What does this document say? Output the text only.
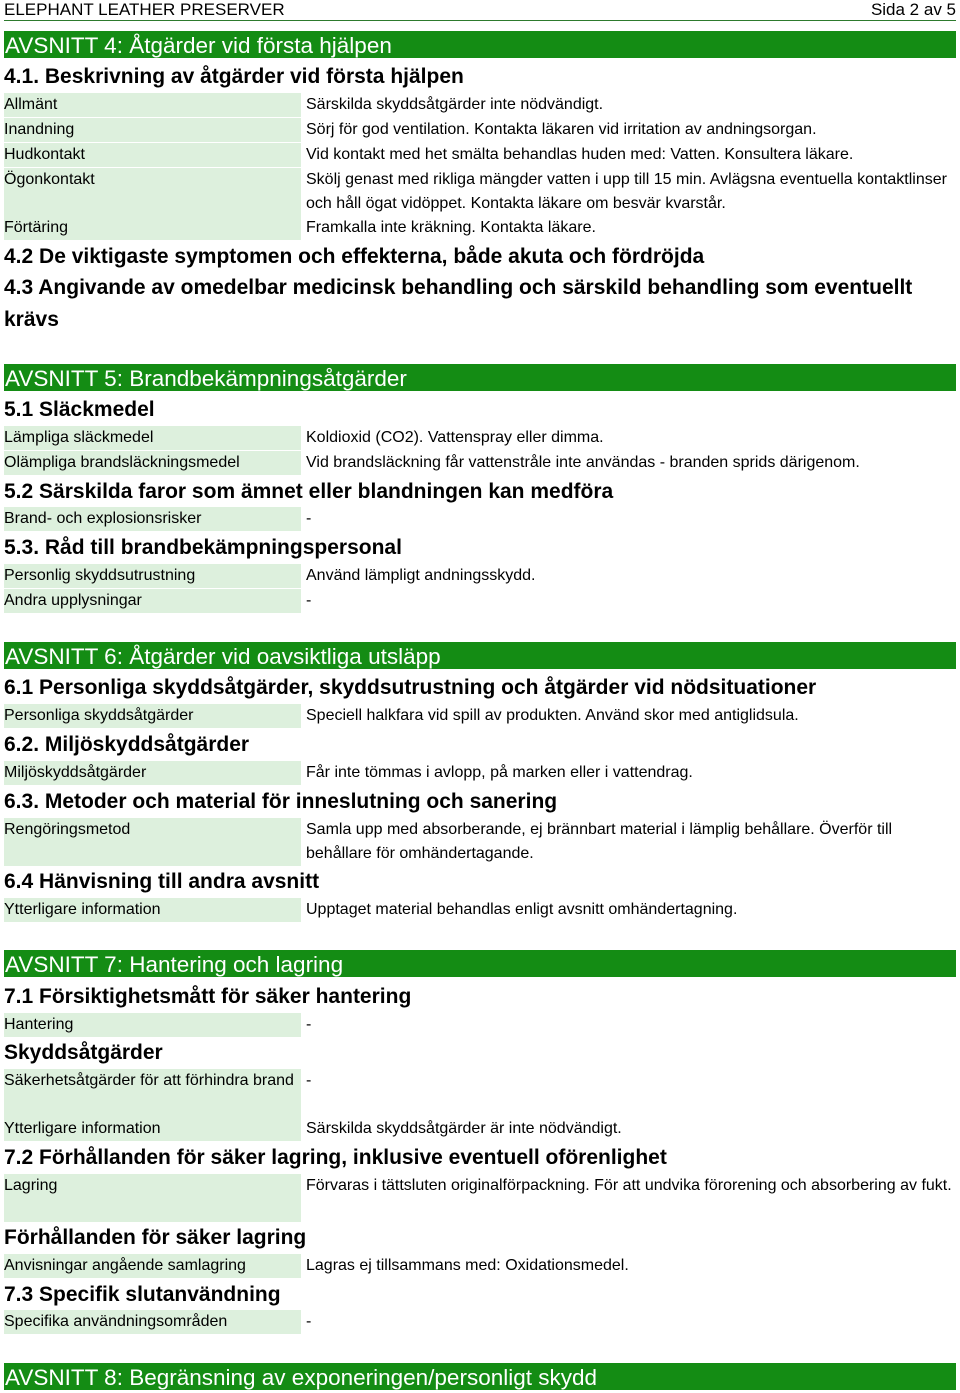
ELEPHANT LEATHER PRESERVER	Sida 2 av 5
AVSNITT 4: Åtgärder vid första hjälpen
4.1. Beskrivning av åtgärder vid första hjälpen
Allmänt	Särskilda skyddsåtgärder inte nödvändigt.
Inandning	Sörj för god ventilation. Kontakta läkaren vid irritation av andningsorgan.
Hudkontakt	Vid kontakt med het smälta behandlas huden med: Vatten. Konsultera läkare.
Ögonkontakt	Skölj genast med rikliga mängder vatten i upp till 15 min. Avlägsna eventuella kontaktlinser och håll ögat vidöppet. Kontakta läkare om besvär kvarstår.
Förtäring	Framkalla inte kräkning. Kontakta läkare.
4.2 De viktigaste symptomen och effekterna, både akuta och fördröjda
4.3 Angivande av omedelbar medicinsk behandling och särskild behandling som eventuellt krävs
AVSNITT 5: Brandbekämpningsåtgärder
5.1 Släckmedel
Lämpliga släckmedel	Koldioxid (CO2). Vattenspray eller dimma.
Olämpliga brandsläckningsmedel	Vid brandsläckning får vattenstråle inte användas - branden sprids därigenom.
5.2 Särskilda faror som ämnet eller blandningen kan medföra
Brand- och explosionsrisker	-
5.3. Råd till brandbekämpningspersonal
Personlig skyddsutrustning	Använd lämpligt andningsskydd.
Andra upplysningar	-
AVSNITT 6: Åtgärder vid oavsiktliga utsläpp
6.1 Personliga skyddsåtgärder, skyddsutrustning och åtgärder vid nödsituationer
Personliga skyddsåtgärder	Speciell halkfara vid spill av produkten. Använd skor med antiglidsula.
6.2. Miljöskyddsåtgärder
Miljöskyddsåtgärder	Får inte tömmas i avlopp, på marken eller i vattendrag.
6.3. Metoder och material för inneslutning och sanering
Rengöringsmetod	Samla upp med absorberande, ej brännbart material i lämplig behållare. Överför till behållare för omhändertagande.
6.4 Hänvisning till andra avsnitt
Ytterligare information	Upptaget material behandlas enligt avsnitt omhändertagning.
AVSNITT 7: Hantering och lagring
7.1 Försiktighetsmått för säker hantering
Hantering	-
Skyddsåtgärder
Säkerhetsåtgärder för att förhindra brand -
Ytterligare information	Särskilda skyddsåtgärder är inte nödvändigt.
7.2 Förhållanden för säker lagring, inklusive eventuell oförenlighet
Lagring	Förvaras i tättsluten originalförpackning. För att undvika förorening och absorbering av fukt.
Förhållanden för säker lagring
Anvisningar angående samlagring	Lagras ej tillsammans med: Oxidationsmedel.
7.3 Specifik slutanvändning
Specifika användningsområden	-
AVSNITT 8: Begränsning av exponeringen/personligt skydd
